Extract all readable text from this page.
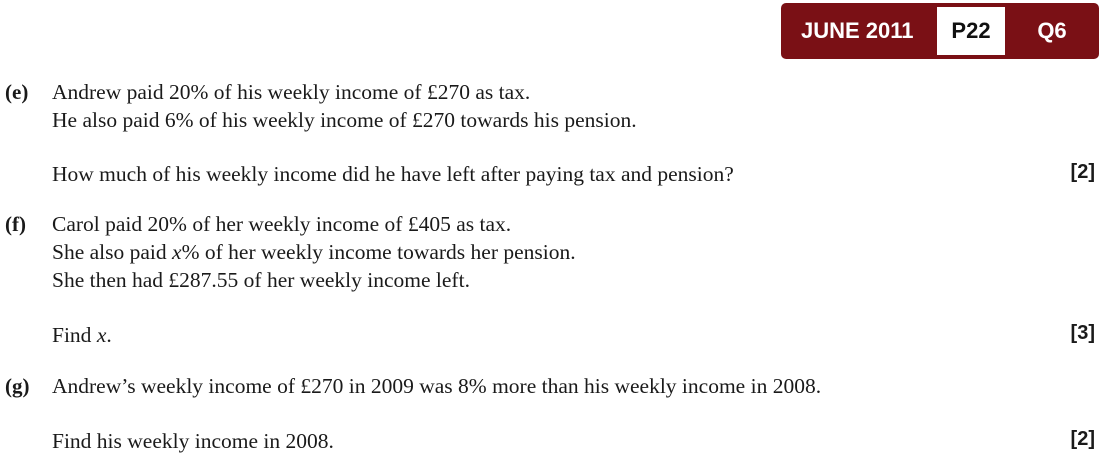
JUNE 2011	P22	Q6
(e) Andrew paid 20% of his weekly income of £270 as tax.
He also paid 6% of his weekly income of £270 towards his pension.
How much of his weekly income did he have left after paying tax and pension?	[2]
(f) Carol paid 20% of her weekly income of £405 as tax.
She also paid x% of her weekly income towards her pension.
She then had £287.55 of her weekly income left.
Find x.	[3]
(g) Andrew’s weekly income of £270 in 2009 was 8% more than his weekly income in 2008.
Find his weekly income in 2008.	[2]
